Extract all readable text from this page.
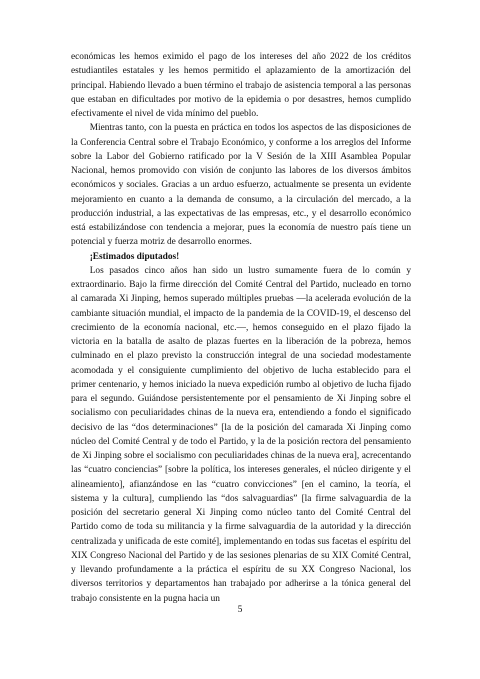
económicas les hemos eximido el pago de los intereses del año 2022 de los créditos estudiantiles estatales y les hemos permitido el aplazamiento de la amortización del principal. Habiendo llevado a buen término el trabajo de asistencia temporal a las personas que estaban en dificultades por motivo de la epidemia o por desastres, hemos cumplido efectivamente el nivel de vida mínimo del pueblo.

Mientras tanto, con la puesta en práctica en todos los aspectos de las disposiciones de la Conferencia Central sobre el Trabajo Económico, y conforme a los arreglos del Informe sobre la Labor del Gobierno ratificado por la V Sesión de la XIII Asamblea Popular Nacional, hemos promovido con visión de conjunto las labores de los diversos ámbitos económicos y sociales. Gracias a un arduo esfuerzo, actualmente se presenta un evidente mejoramiento en cuanto a la demanda de consumo, a la circulación del mercado, a la producción industrial, a las expectativas de las empresas, etc., y el desarrollo económico está estabilizándose con tendencia a mejorar, pues la economía de nuestro país tiene un potencial y fuerza motriz de desarrollo enormes.

¡Estimados diputados!

Los pasados cinco años han sido un lustro sumamente fuera de lo común y extraordinario. Bajo la firme dirección del Comité Central del Partido, nucleado en torno al camarada Xi Jinping, hemos superado múltiples pruebas —la acelerada evolución de la cambiante situación mundial, el impacto de la pandemia de la COVID-19, el descenso del crecimiento de la economía nacional, etc.—, hemos conseguido en el plazo fijado la victoria en la batalla de asalto de plazas fuertes en la liberación de la pobreza, hemos culminado en el plazo previsto la construcción integral de una sociedad modestamente acomodada y el consiguiente cumplimiento del objetivo de lucha establecido para el primer centenario, y hemos iniciado la nueva expedición rumbo al objetivo de lucha fijado para el segundo. Guiándose persistentemente por el pensamiento de Xi Jinping sobre el socialismo con peculiaridades chinas de la nueva era, entendiendo a fondo el significado decisivo de las “dos determinaciones” [la de la posición del camarada Xi Jinping como núcleo del Comité Central y de todo el Partido, y la de la posición rectora del pensamiento de Xi Jinping sobre el socialismo con peculiaridades chinas de la nueva era], acrecentando las “cuatro conciencias” [sobre la política, los intereses generales, el núcleo dirigente y el alineamiento], afianzándose en las “cuatro convicciones” [en el camino, la teoría, el sistema y la cultura], cumpliendo las “dos salvaguardias” [la firme salvaguardia de la posición del secretario general Xi Jinping como núcleo tanto del Comité Central del Partido como de toda su militancia y la firme salvaguardia de la autoridad y la dirección centralizada y unificada de este comité], implementando en todas sus facetas el espíritu del XIX Congreso Nacional del Partido y de las sesiones plenarias de su XIX Comité Central, y llevando profundamente a la práctica el espíritu de su XX Congreso Nacional, los diversos territorios y departamentos han trabajado por adherirse a la tónica general del trabajo consistente en la pugna hacia un

5
